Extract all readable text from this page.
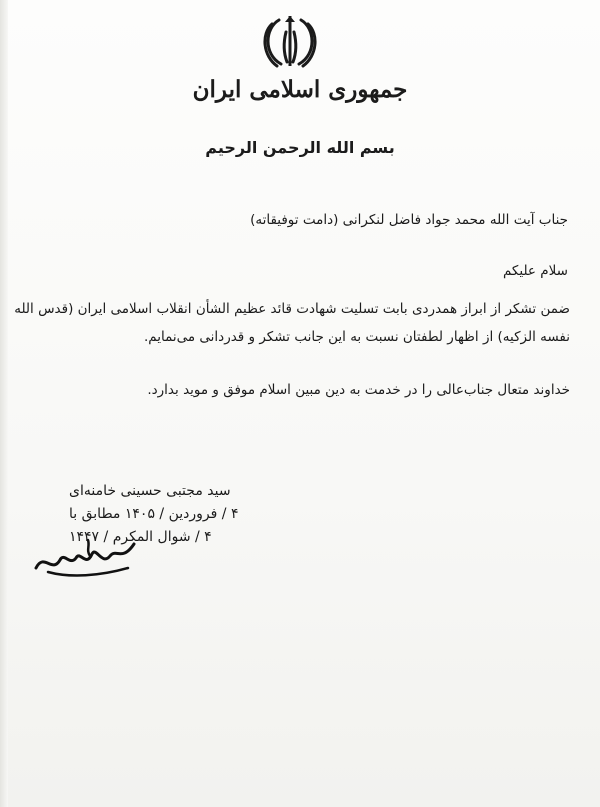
جمهوری اسلامی ایران
بسم الله الرحمن الرحیم
جناب آیت الله محمد جواد فاضل لنکرانی (دامت توفیقاته)
سلام علیکم
ضمن تشکر از ابراز همدردی بابت تسلیت شهادت قائد عظیم الشأن انقلاب اسلامی ایران (قدس الله
نفسه الزکیه) از اظهار لطفتان نسبت به این جانب تشکر و قدردانی می‌نمایم.
خداوند متعال جناب‌عالی را در خدمت به دین مبین اسلام موفق و موید بدارد.
سید مجتبی حسینی خامنه‌ای
۴ / فروردین / ۱۴۰۵ مطابق با
۴ / شوال المکرم / ۱۴۴۷
